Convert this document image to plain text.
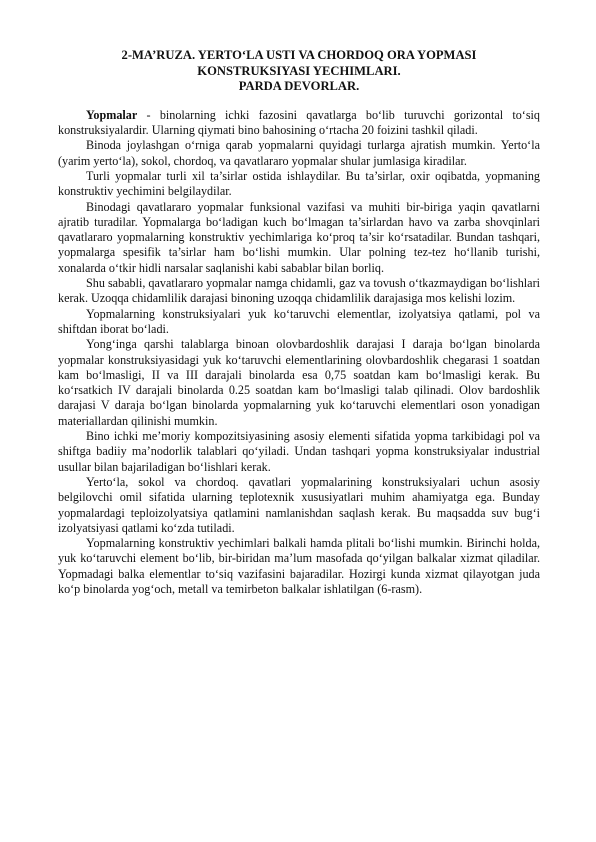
2-MA’RUZA. YERTO‘LA USTI VA CHORDOQ ORA YOPMASI
KONSTRUKSIYASI YECHIMLARI.
PARDA DEVORLAR.

Yopmalar - binolarning ichki fazosini qavatlarga bo‘lib turuvchi gorizontal to‘siq konstruksiyalardir. Ularning qiymati bino bahosining o‘rtacha 20 foizini tashkil qiladi.

Binoda joylashgan o‘rniga qarab yopmalarni quyidagi turlarga ajratish mumkin. Yerto‘la (yarim yerto‘la), sokol, chordoq, va qavatlararo yopmalar shular jumlasiga kiradilar.

Turli yopmalar turli xil ta’sirlar ostida ishlaydilar. Bu ta’sirlar, oxir oqibatda, yopmaning konstruktiv yechimini belgilaydilar.

Binodagi qavatlararo yopmalar funksional vazifasi va muhiti bir-biriga yaqin qavatlarni ajratib turadilar. Yopmalarga bo‘ladigan kuch bo‘lmagan ta’sirlardan havo va zarba shovqinlari qavatlararo yopmalarning konstruktiv yechimlariga ko‘proq ta’sir ko‘rsatadilar. Bundan tashqari, yopmalarga spesifik ta’sirlar ham bo‘lishi mumkin. Ular polning tez-tez ho‘llanib turishi, xonalarda o‘tkir hidli narsalar saqlanishi kabi sabablar bilan borliq.

Shu sababli, qavatlararo yopmalar namga chidamli, gaz va tovush o‘tkazmaydigan bo‘lishlari kerak. Uzoqqa chidamlilik darajasi binoning uzoqqa chidamlilik darajasiga mos kelishi lozim.

Yopmalarning konstruksiyalari yuk ko‘taruvchi elementlar, izolyatsiya qatlami, pol va shiftdan iborat bo‘ladi.

Yong‘inga qarshi talablarga binoan olovbardoshlik darajasi I daraja bo‘lgan binolarda yopmalar konstruksiyasidagi yuk ko‘taruvchi elementlarining olovbardoshlik chegarasi 1 soatdan kam bo‘lmasligi, II va III darajali binolarda esa 0,75 soatdan kam bo‘lmasligi kerak. Bu ko‘rsatkich IV darajali binolarda 0.25 soatdan kam bo‘lmasligi talab qilinadi. Olov bardoshlik darajasi V daraja bo‘lgan binolarda yopmalarning yuk ko‘taruvchi elementlari oson yonadigan materiallardan qilinishi mumkin.

Bino ichki me’moriy kompozitsiyasining asosiy elementi sifatida yopma tarkibidagi pol va shiftga badiiy ma’nodorlik talablari qo‘yiladi. Undan tashqari yopma konstruksiyalar industrial usullar bilan bajariladigan bo‘lishlari kerak.

Yerto‘la, sokol va chordoq. qavatlari yopmalarining konstruksiyalari uchun asosiy belgilovchi omil sifatida ularning teplotexnik xususiyatlari muhim ahamiyatga ega. Bunday yopmalardagi teploizolyatsiya qatlamini namlanishdan saqlash kerak. Bu maqsadda suv bug‘i izolyatsiyasi qatlami ko‘zda tutiladi.

Yopmalarning konstruktiv yechimlari balkali hamda plitali bo‘lishi mumkin. Birinchi holda, yuk ko‘taruvchi element bo‘lib, bir-biridan ma’lum masofada qo‘yilgan balkalar xizmat qiladilar. Yopmadagi balka elementlar to‘siq vazifasini bajaradilar. Hozirgi kunda xizmat qilayotgan juda ko‘p binolarda yog‘och, metall va temirbeton balkalar ishlatilgan (6-rasm).
